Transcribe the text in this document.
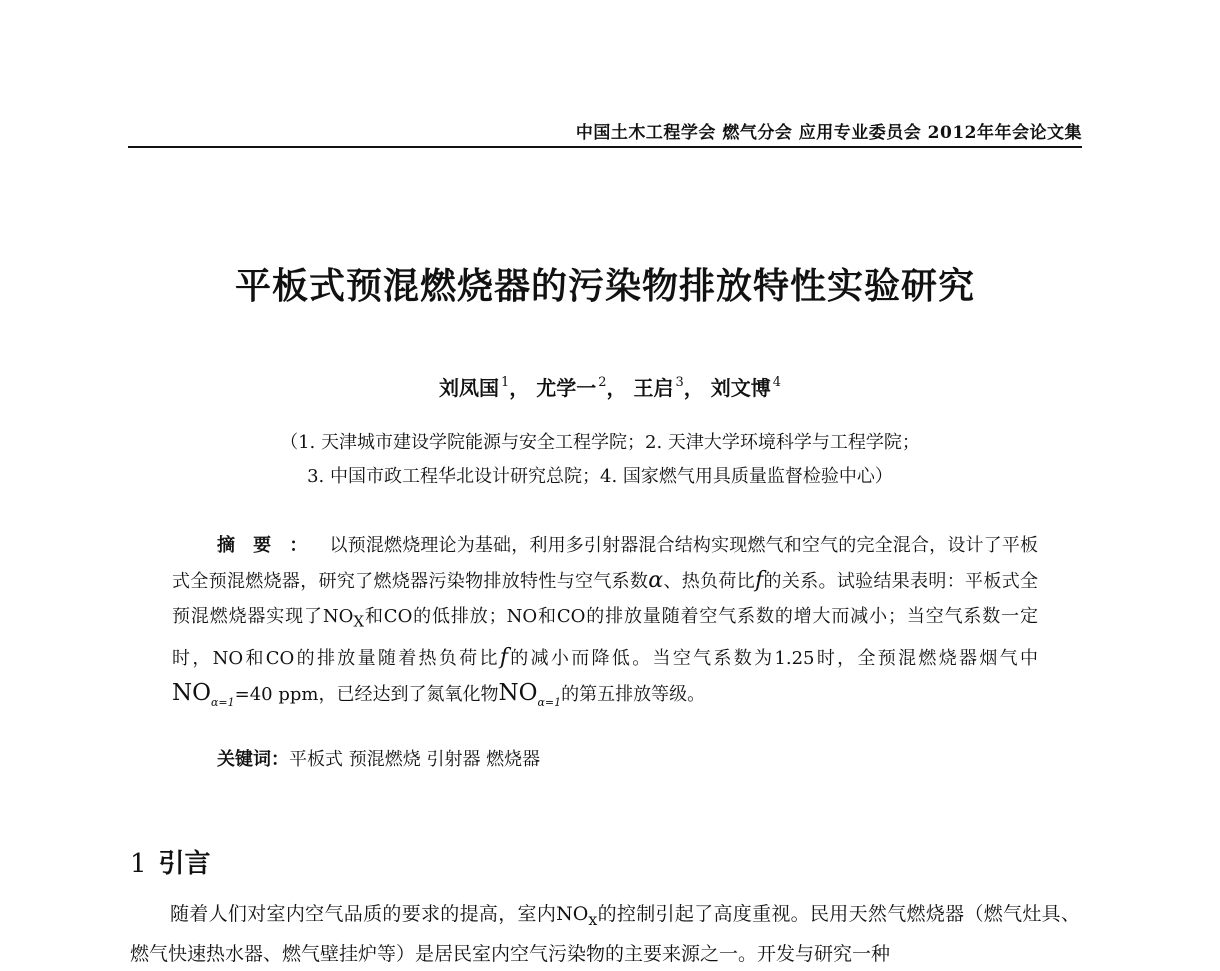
中国土木工程学会 燃气分会 应用专业委员会 2012年年会论文集
平板式预混燃烧器的污染物排放特性实验研究
刘凤国 $^1$， 尤学一 $^2$， 王启 $^3$， 刘文博 $^4$
（1. 天津城市建设学院能源与安全工程学院；2. 天津大学环境科学与工程学院；
3. 中国市政工程华北设计研究总院；4. 国家燃气用具质量监督检验中心）

摘要： 以预混燃烧理论为基础，利用多引射器混合结构实现燃气和空气的完全混合，设计了平板式全预混燃烧器，研究了燃烧器污染物排放特性与空气系数α、热负荷比f的关系。试验结果表明：平板式全预混燃烧器实现了$NO_X$和CO的低排放；NO和CO的排放量随着空气系数的增大而减小；当空气系数一定时，NO和CO的排放量随着热负荷比f的减小而降低。当空气系数为1.25时，全预混燃烧器烟气中$NO_{\alpha=1}=40$ ppm，已经达到了氮氧化物$NO_{\alpha=1}$的第五排放等级。

关键词：平板式 预混燃烧 引射器 燃烧器
1 引言

随着人们对室内空气品质的要求的提高，室内$NO_x$的控制引起了高度重视。民用天然气燃烧器（燃气灶具、燃气快速热水器、燃气壁挂炉等）是居民室内空气污染物的主要来源之一。开发与研究一种
